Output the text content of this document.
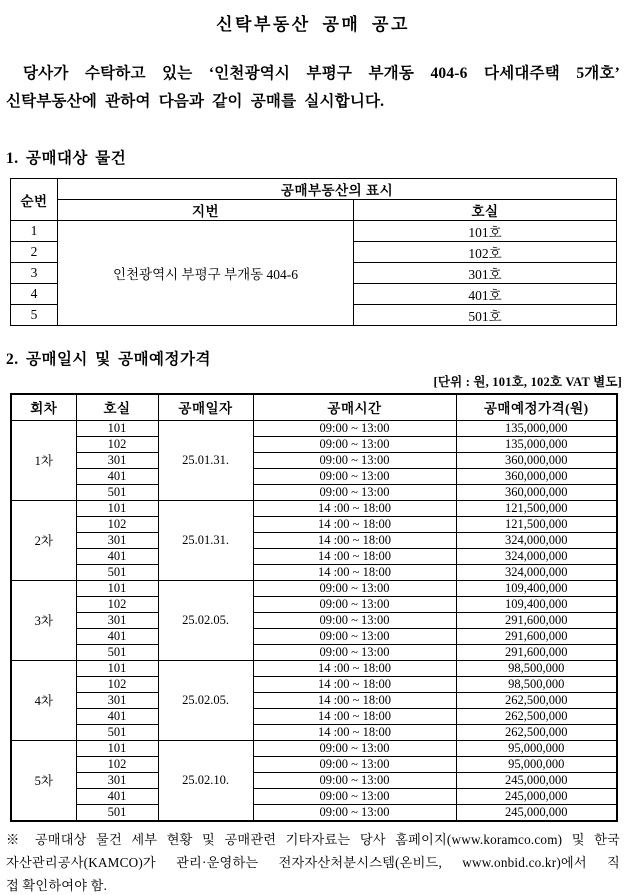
신탁부동산 공매 공고
당사가 수탁하고 있는 ‘인천광역시 부평구 부개동 404-6 다세대주택 5개호’
신탁부동산에 관하여 다음과 같이 공매를 실시합니다.
1. 공매대상 물건
순번	공매부동산의 표시	
	지번	호실
1	인천광역시 부평구 부개동 404-6	101호
2		102호
3		301호
4		401호
5		501호
2. 공매일시 및 공매예정가격
[단위 : 원, 101호, 102호 VAT 별도]
회차	호실	공매일자	공매시간	공매예정가격(원)
1차	101	25.01.31.	09:00 ~ 13:00	135,000,000
	102		09:00 ~ 13:00	135,000,000
	301		09:00 ~ 13:00	360,000,000
	401		09:00 ~ 13:00	360,000,000
	501		09:00 ~ 13:00	360,000,000
2차	101	25.01.31.	14 :00 ~ 18:00	121,500,000
	102		14 :00 ~ 18:00	121,500,000
	301		14 :00 ~ 18:00	324,000,000
	401		14 :00 ~ 18:00	324,000,000
	501		14 :00 ~ 18:00	324,000,000
3차	101	25.02.05.	09:00 ~ 13:00	109,400,000
	102		09:00 ~ 13:00	109,400,000
	301		09:00 ~ 13:00	291,600,000
	401		09:00 ~ 13:00	291,600,000
	501		09:00 ~ 13:00	291,600,000
4차	101	25.02.05.	14 :00 ~ 18:00	98,500,000
	102		14 :00 ~ 18:00	98,500,000
	301		14 :00 ~ 18:00	262,500,000
	401		14 :00 ~ 18:00	262,500,000
	501		14 :00 ~ 18:00	262,500,000
5차	101	25.02.10.	09:00 ~ 13:00	95,000,000
	102		09:00 ~ 13:00	95,000,000
	301		09:00 ~ 13:00	245,000,000
	401		09:00 ~ 13:00	245,000,000
	501		09:00 ~ 13:00	245,000,000
※ 공매대상 물건 세부 현황 및 공매관련 기타자료는 당사 홈페이지(www.koramco.com) 및 한국
자산관리공사(KAMCO)가 관리·운영하는 전자자산처분시스템(온비드, www.onbid.co.kr)에서 직
접 확인하여야 함.
